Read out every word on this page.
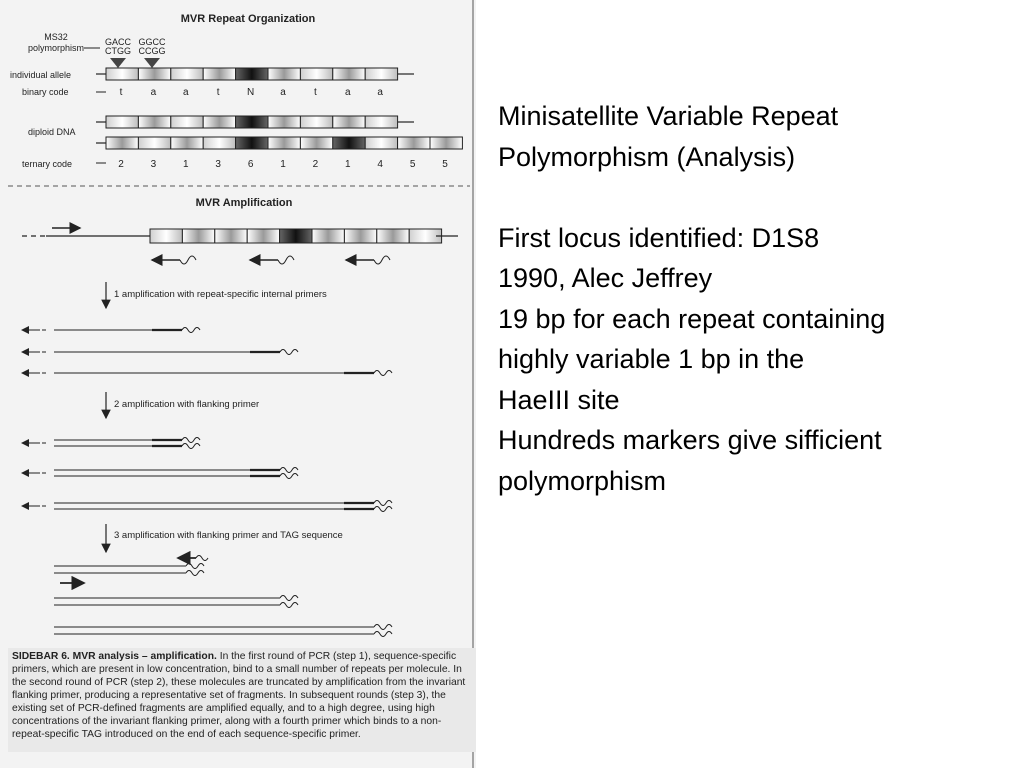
MVR Repeat Organization
MS32
polymorphism
GACC
CTGG
GGCC
CCGG
individual allele
binary code	t	a	a	t	N	a	t	a	a
diploid DNA
ternary code	2	3	1	3	6	1	2	1	4	5	5
MVR Amplification
1 amplification with repeat-specific internal primers
2 amplification with flanking primer
3 amplification with flanking primer and TAG sequence
SIDEBAR 6. MVR analysis – amplification. In the first round of PCR (step 1), sequence-specific primers, which are present in low concentration, bind to a small number of repeats per molecule. In the second round of PCR (step 2), these molecules are truncated by amplification from the invariant flanking primer, producing a representative set of fragments. In subsequent rounds (step 3), the existing set of PCR-defined fragments are amplified equally, and to a high degree, using high concentrations of the invariant flanking primer, along with a fourth primer which binds to a non-repeat-specific TAG introduced on the end of each sequence-specific primer.
Minisatellite Variable Repeat
Polymorphism (Analysis)
First locus identified: D1S8
1990, Alec Jeffrey
19 bp for each repeat containing
highly variable 1 bp in the
HaeIII site
Hundreds markers give sifficient
polymorphism
